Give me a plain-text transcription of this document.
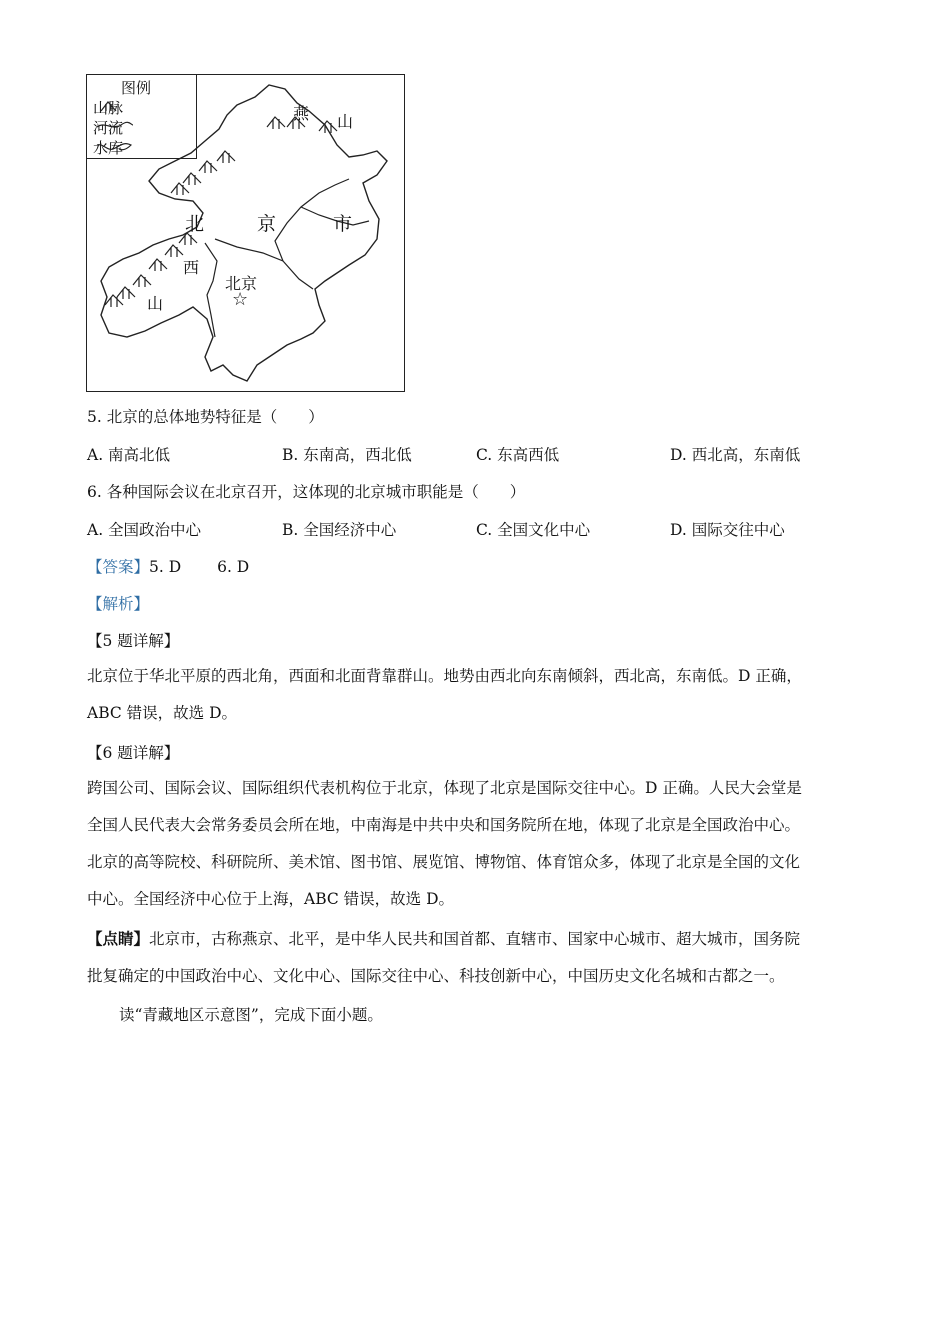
图例
山脉
河流
水库
燕 山
北	京	市
西
山
北京
☆
5. 北京的总体地势特征是（　　）
A. 南高北低	B. 东南高，西北低	C. 东高西低	D. 西北高，东南低
6. 各种国际会议在北京召开，这体现的北京城市职能是（　　）
A. 全国政治中心	B. 全国经济中心	C. 全国文化中心	D. 国际交往中心
【答案】5. D　　 6. D
【解析】
【5 题详解】
北京位于华北平原的西北角，西面和北面背靠群山。地势由西北向东南倾斜，西北高，东南低。D 正确，
ABC 错误，故选 D。
【6 题详解】
跨国公司、国际会议、国际组织代表机构位于北京，体现了北京是国际交往中心。D 正确。人民大会堂是
全国人民代表大会常务委员会所在地，中南海是中共中央和国务院所在地，体现了北京是全国政治中心。
北京的高等院校、科研院所、美术馆、图书馆、展览馆、博物馆、体育馆众多，体现了北京是全国的文化
中心。全国经济中心位于上海，ABC 错误，故选 D。
【点睛】北京市，古称燕京、北平，是中华人民共和国首都、直辖市、国家中心城市、超大城市，国务院
批复确定的中国政治中心、文化中心、国际交往中心、科技创新中心，中国历史文化名城和古都之一。
读“青藏地区示意图”，完成下面小题。
